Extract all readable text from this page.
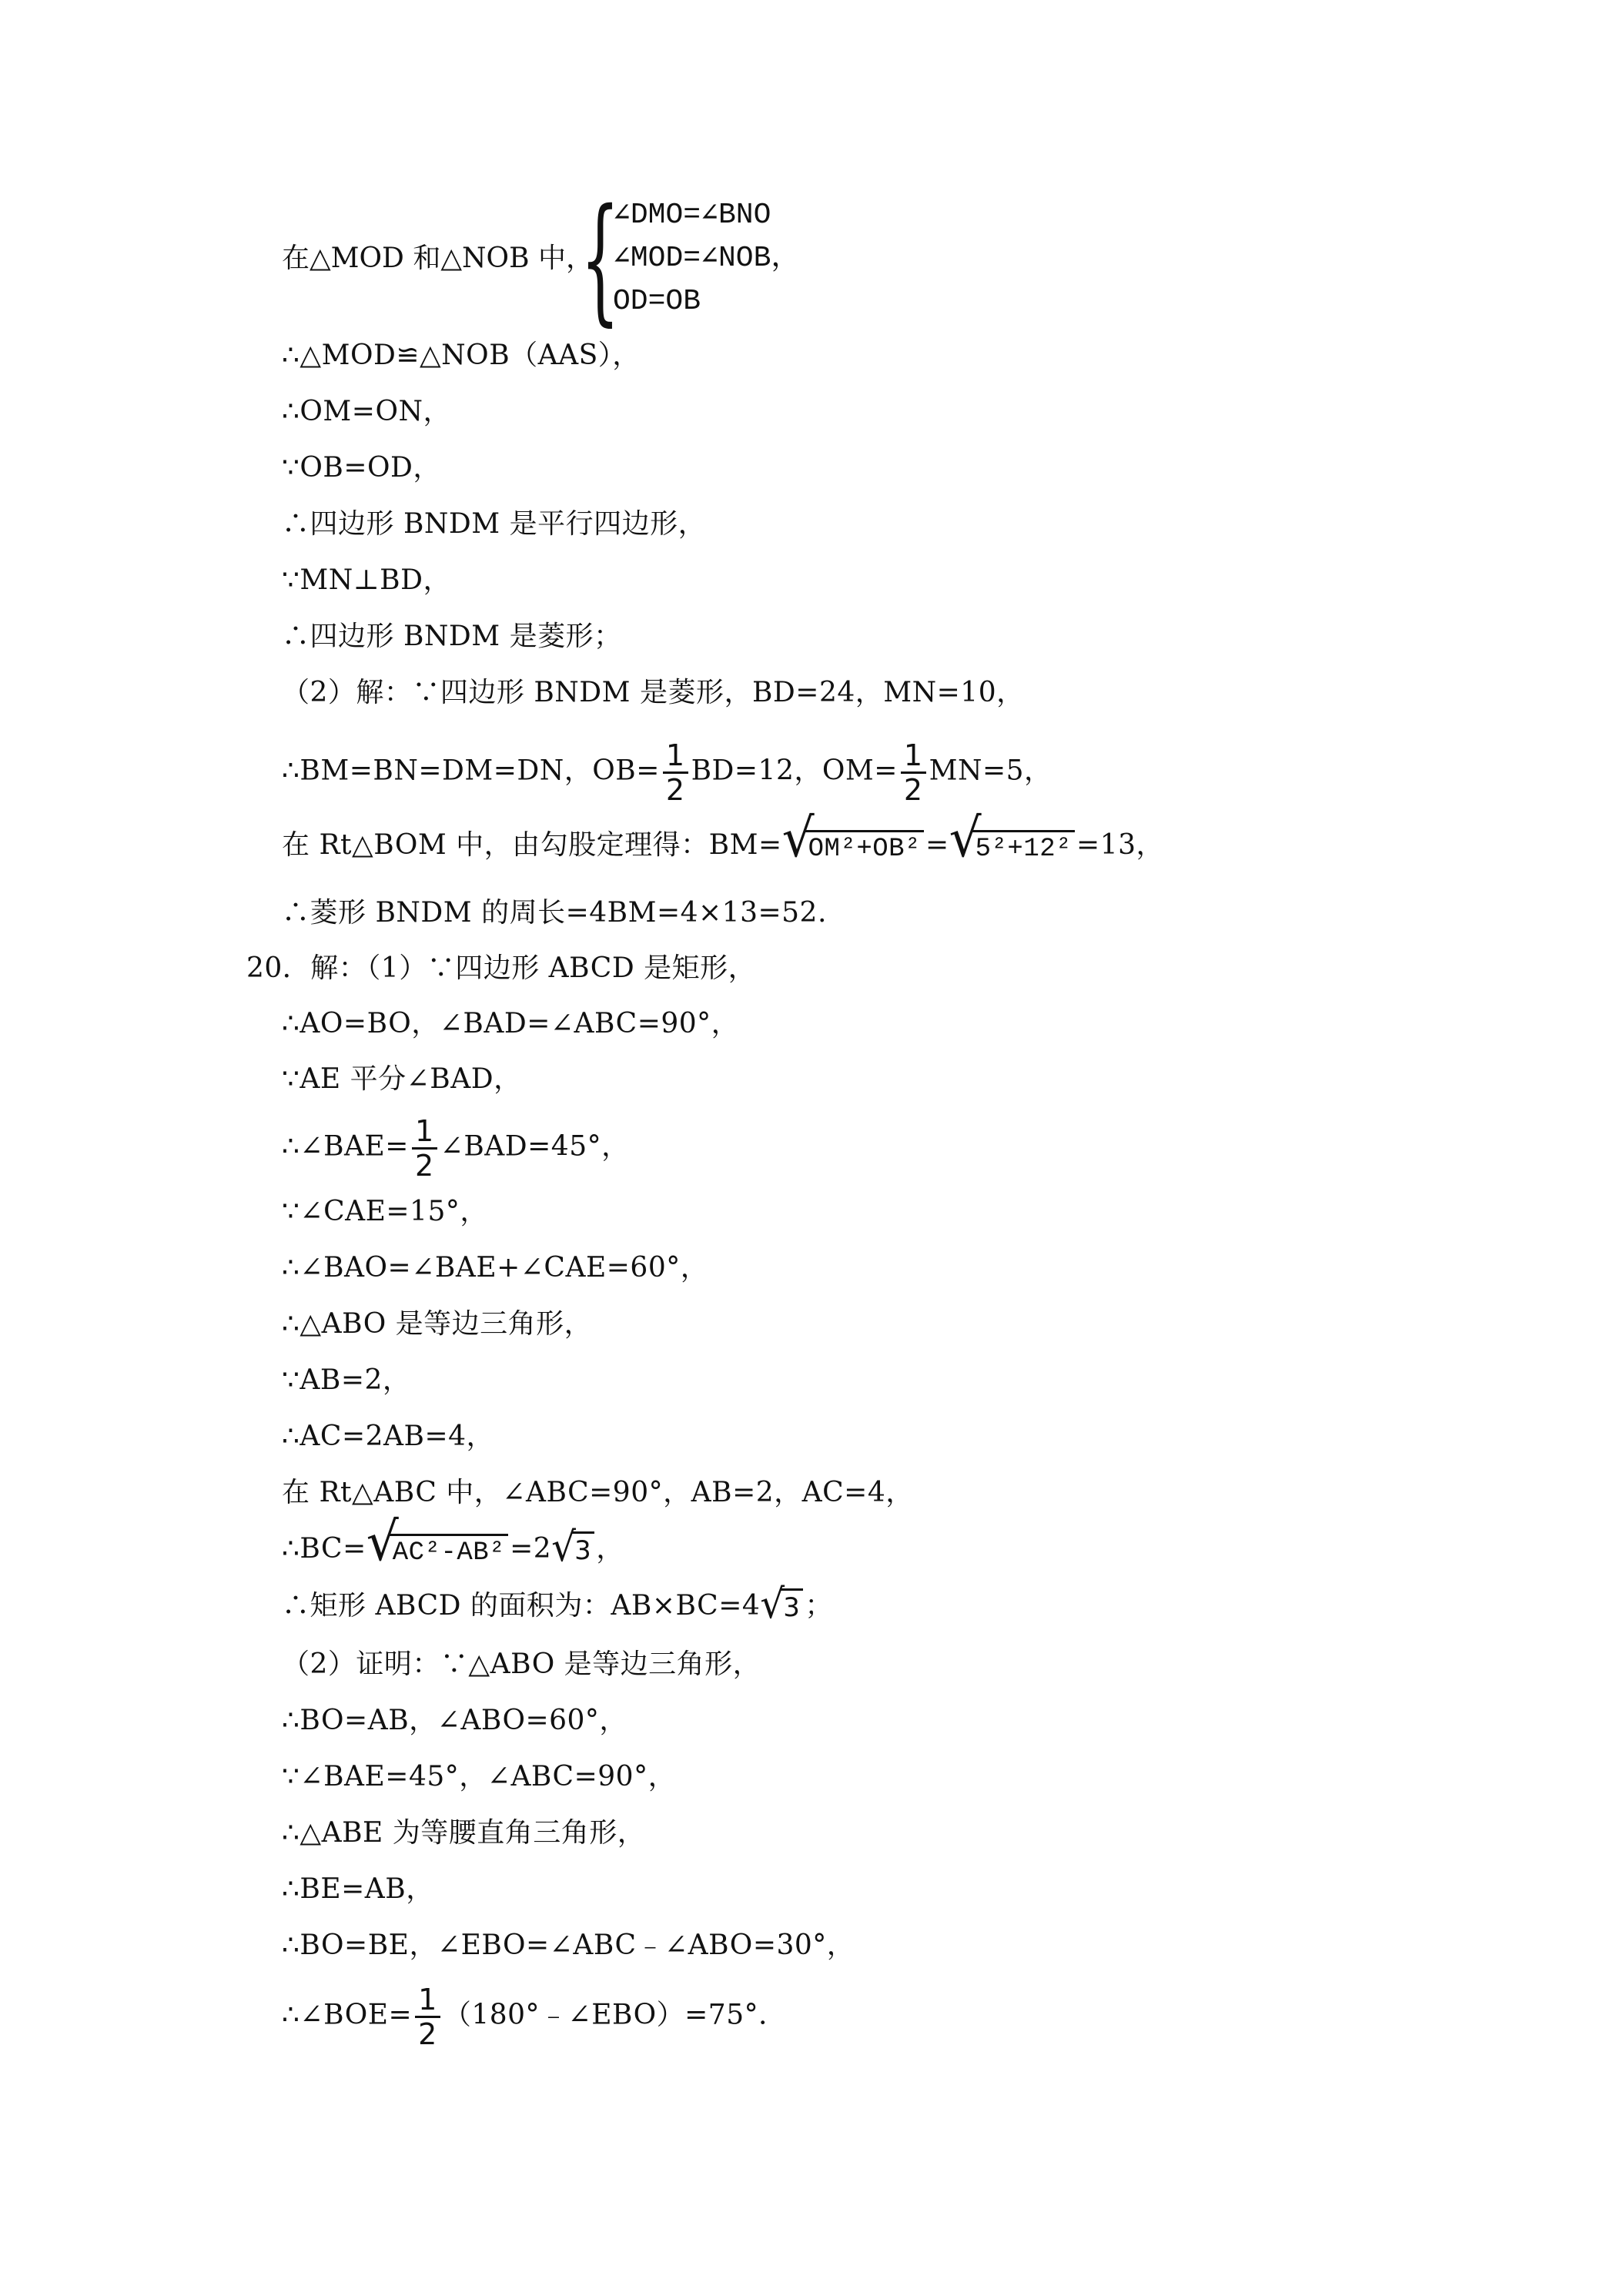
在△MOD 和△NOB 中，
{
∠DMO=∠BNO
∠MOD=∠NOB，
OD=OB
∴△MOD≌△NOB（AAS），
∴OM=ON，
∵OB=OD，
∴四边形 BNDM 是平行四边形，
∵MN⊥BD，
∴四边形 BNDM 是菱形；
（2）解：∵四边形 BNDM 是菱形，BD=24，MN=10，
∴BM=BN=DM=DN，$OB= \frac{1}{2} BD=12$，$OM= \frac{1}{2} MN=5$，
在 Rt△BOM 中，由勾股定理得：BM= √ OM²+OB² = √ 5²+12² =13，
∴菱形 BNDM 的周长=4BM=4×13=52.
20．解：（1）∵四边形 ABCD 是矩形，
∴AO=BO，∠BAD=∠ABC=90°，
∵AE 平分∠BAD，
∴∠BAE= $\frac{1}{2}$ ∠BAD=45°，
∵∠CAE=15°，
∴∠BAO=∠BAE+∠CAE=60°，
∴△ABO 是等边三角形，
∵AB=2，
∴AC=2AB=4，
在 Rt△ABC 中，∠ABC=90°，AB=2，AC=4，
∴BC= √ AC²-AB² =2 √ 3 ，
∴矩形 ABCD 的面积为：AB×BC=4 √ 3 ；
（2）证明：∵△ABO 是等边三角形，
∴BO=AB，∠ABO=60°，
∵∠BAE=45°，∠ABC=90°，
∴△ABE 为等腰直角三角形，
∴BE=AB，
∴BO=BE，∠EBO=∠ABC﹣∠ABO=30°，
∴∠BOE= $\frac{1}{2}$ （180°﹣∠EBO）=75°．
